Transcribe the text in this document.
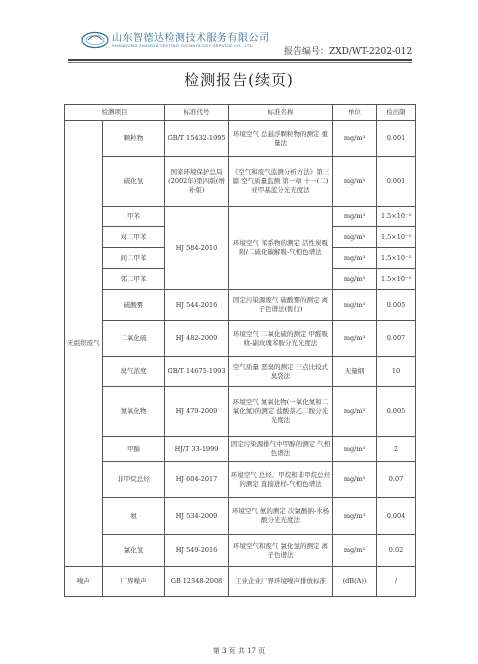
山东智德达检测技术服务有限公司
SHANDONG ZHIDEDA TESTING TECHNOLOGY SERVICE CO., LTD
报告编号：ZXD/WT-2202-012
检测报告(续页)
检测项目		标准代号	标准名称	单位	检出限
无组织废气	颗粒物	GB/T 15432-1995	环境空气 总悬浮颗粒物的测定 重量法	mg/m³	0.001
	硫化氢	国家环境保护总局(2002年)第四版(增补版)	《空气和废气监测分析方法》第三篇 空气质量监测 第一章 十一(二) 亚甲基蓝分光光度法	mg/m³	0.001
	甲苯	HJ 584-2010	环境空气 苯系物的测定 活性炭吸附/二硫化碳解吸-气相色谱法	mg/m³	1.5×10⁻³
	对二甲苯			mg/m³	1.5×10⁻³
	间二甲苯			mg/m³	1.5×10⁻³
	邻二甲苯			mg/m³	1.5×10⁻³
	硫酸雾	HJ 544-2016	固定污染源废气 硫酸雾的测定 离子色谱法(暂行)	mg/m³	0.005
	二氧化硫	HJ 482-2009	环境空气 二氧化硫的测定 甲醛吸收-副玫瑰苯胺分光光度法	mg/m³	0.007
	臭气浓度	GB/T 14675-1993	空气质量 恶臭的测定 三点比较式臭袋法	无量纲	10
	氮氧化物	HJ 479-2009	环境空气 氮氧化物(一氧化氮和二氧化氮)的测定 盐酸萘乙二胺分光光度法	mg/m³	0.005
	甲醇	HJ/T 33-1999	固定污染源排气中甲醇的测定 气相色谱法	mg/m³	2
	非甲烷总烃	HJ 604-2017	环境空气 总烃、甲烷和非甲烷总烃的测定 直接进样-气相色谱法	mg/m³	0.07
	氨	HJ 534-2009	环境空气 氨的测定 次氯酸钠-水杨酸分光光度法	mg/m³	0.004
	氯化氢	HJ 549-2016	环境空气和废气 氯化氢的测定 离子色谱法	mg/m³	0.02
噪声	厂界噪声	GB 12348-2008	工业企业厂界环境噪声排放标准	(dB(A))	/
第 3 页 共 17 页
